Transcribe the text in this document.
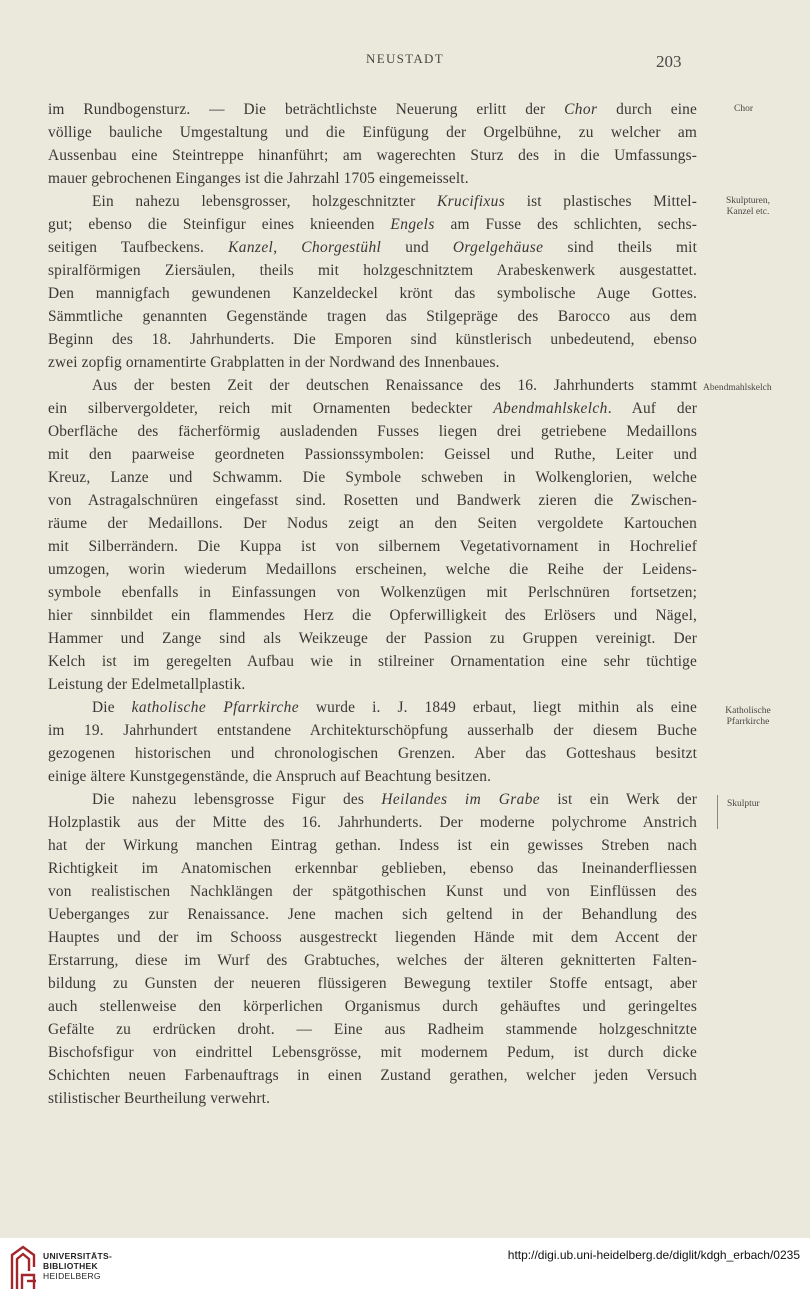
NEUSTADT	203
im Rundbogensturz. — Die beträchtlichste Neuerung erlitt der Chor durch eine
völlige bauliche Umgestaltung und die Einfügung der Orgelbühne, zu welcher am
Aussenbau eine Steintreppe hinanführt; am wagerechten Sturz des in die Umfassungs-
mauer gebrochenen Einganges ist die Jahrzahl 1705 eingemeisselt.
Ein nahezu lebensgrosser, holzgeschnitzter Krucifixus ist plastisches Mittel-
gut; ebenso die Steinfigur eines knieenden Engels am Fusse des schlichten, sechs-
seitigen Taufbeckens. Kanzel, Chorgestühl und Orgelgehäuse sind theils mit
spiralförmigen Ziersäulen, theils mit holzgeschnitztem Arabeskenwerk ausgestattet.
Den mannigfach gewundenen Kanzeldeckel krönt das symbolische Auge Gottes.
Sämmtliche genannten Gegenstände tragen das Stilgepräge des Barocco aus dem
Beginn des 18. Jahrhunderts. Die Emporen sind künstlerisch unbedeutend, ebenso
zwei zopfig ornamentirte Grabplatten in der Nordwand des Innenbaues.
Aus der besten Zeit der deutschen Renaissance des 16. Jahrhunderts stammt
ein silbervergoldeter, reich mit Ornamenten bedeckter Abendmahlskelch. Auf der
Oberfläche des fächerförmig ausladenden Fusses liegen drei getriebene Medaillons
mit den paarweise geordneten Passionssymbolen: Geissel und Ruthe, Leiter und
Kreuz, Lanze und Schwamm. Die Symbole schweben in Wolkenglorien, welche
von Astragalschnüren eingefasst sind. Rosetten und Bandwerk zieren die Zwischen-
räume der Medaillons. Der Nodus zeigt an den Seiten vergoldete Kartouchen
mit Silberrändern. Die Kuppa ist von silbernem Vegetativornament in Hochrelief
umzogen, worin wiederum Medaillons erscheinen, welche die Reihe der Leidens-
symbole ebenfalls in Einfassungen von Wolkenzügen mit Perlschnüren fortsetzen;
hier sinnbildet ein flammendes Herz die Opferwilligkeit des Erlösers und Nägel,
Hammer und Zange sind als Weikzeuge der Passion zu Gruppen vereinigt. Der
Kelch ist im geregelten Aufbau wie in stilreiner Ornamentation eine sehr tüchtige
Leistung der Edelmetallplastik.
Die katholische Pfarrkirche wurde i. J. 1849 erbaut, liegt mithin als eine
im 19. Jahrhundert entstandene Architekturschöpfung ausserhalb der diesem Buche
gezogenen historischen und chronologischen Grenzen. Aber das Gotteshaus besitzt
einige ältere Kunstgegenstände, die Anspruch auf Beachtung besitzen.
Die nahezu lebensgrosse Figur des Heilandes im Grabe ist ein Werk der
Holzplastik aus der Mitte des 16. Jahrhunderts. Der moderne polychrome Anstrich
hat der Wirkung manchen Eintrag gethan. Indess ist ein gewisses Streben nach
Richtigkeit im Anatomischen erkennbar geblieben, ebenso das Ineinanderfliessen
von realistischen Nachklängen der spätgothischen Kunst und von Einflüssen des
Ueberganges zur Renaissance. Jene machen sich geltend in der Behandlung des
Hauptes und der im Schooss ausgestreckt liegenden Hände mit dem Accent der
Erstarrung, diese im Wurf des Grabtuches, welches der älteren geknitterten Falten-
bildung zu Gunsten der neueren flüssigeren Bewegung textiler Stoffe entsagt, aber
auch stellenweise den körperlichen Organismus durch gehäuftes und geringeltes
Gefälte zu erdrücken droht. — Eine aus Radheim stammende holzgeschnitzte
Bischofsfigur von eindrittel Lebensgrösse, mit modernem Pedum, ist durch dicke
Schichten neuen Farbenauftrags in einen Zustand gerathen, welcher jeden Versuch
stilistischer Beurtheilung verwehrt.
Chor
Skulpturen,
Kanzel etc.
Abendmahlskelch
Katholische
Pfarrkirche
Skulptur
UNIVERSITÄTS-
BIBLIOTHEK
HEIDELBERG
http://digi.ub.uni-heidelberg.de/diglit/kdgh_erbach/0235
